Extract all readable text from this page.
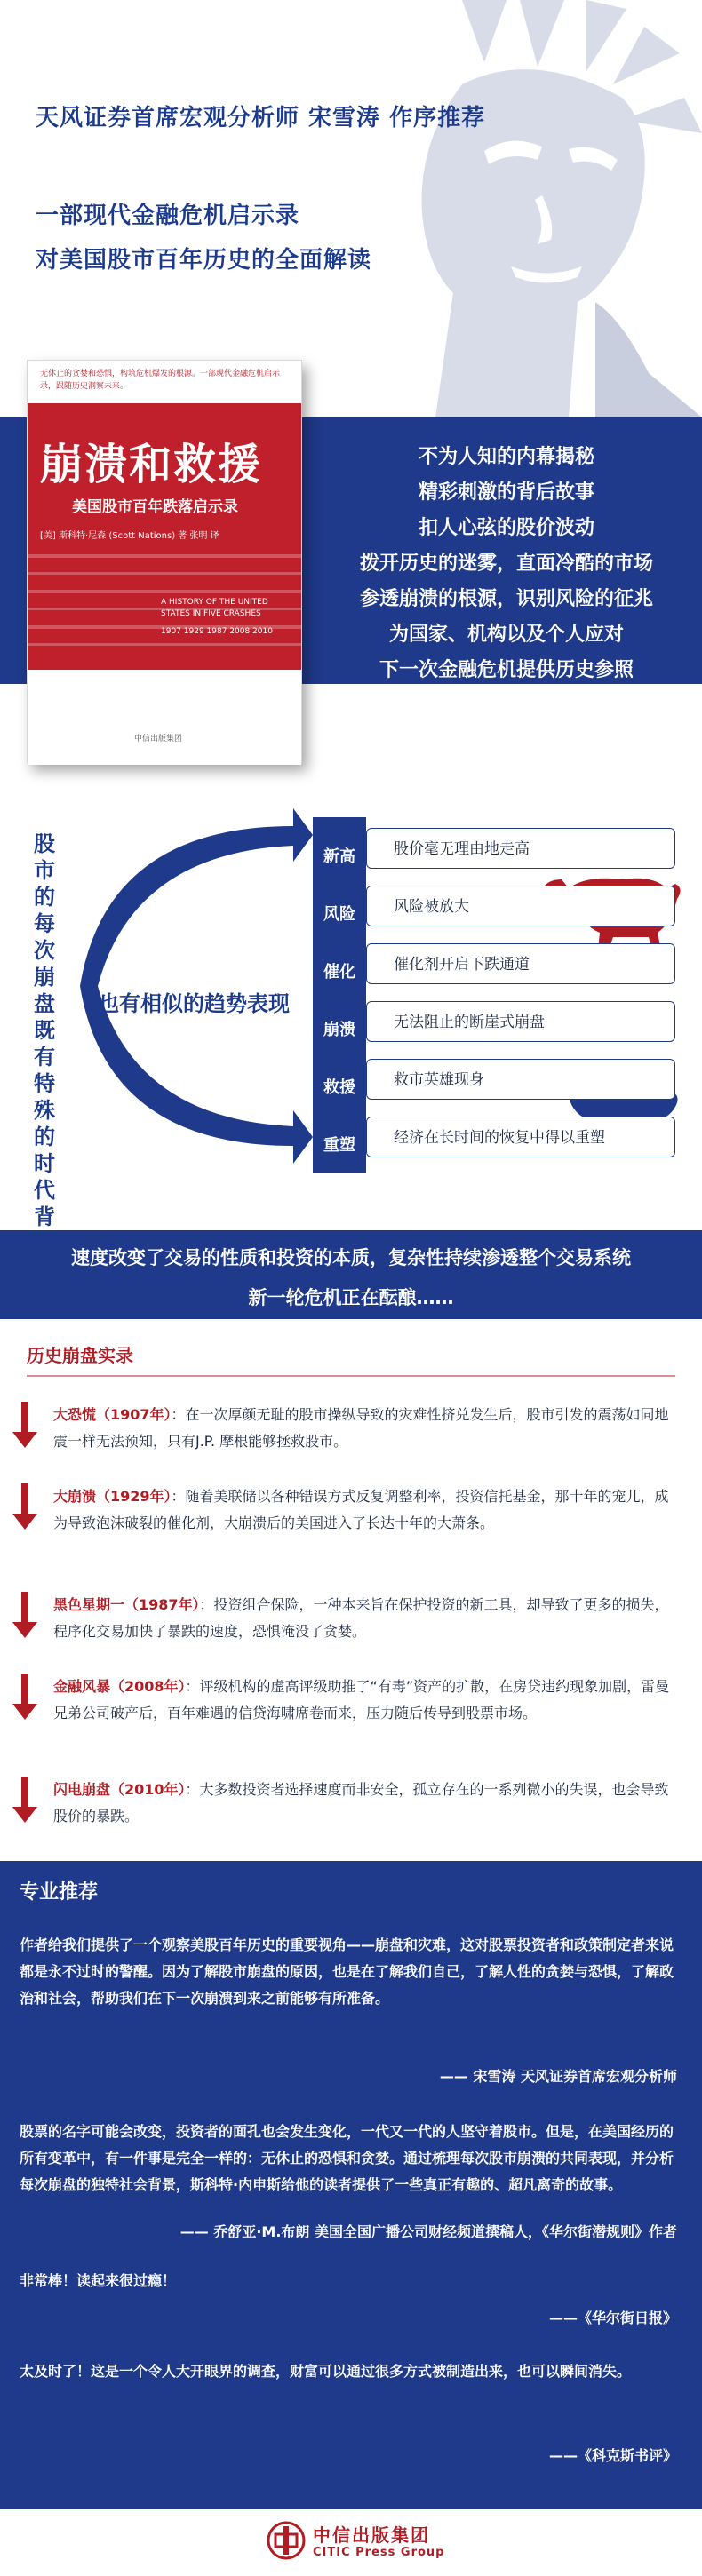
天风证券首席宏观分析师 宋雪涛 作序推荐
一部现代金融危机启示录
对美国股市百年历史的全面解读
无休止的贪婪和恐惧，构筑危机爆发的根源。一部现代金融危机启示录，跟随历史洞察未来。
崩溃和救援
美国股市百年跌落启示录
[美] 斯科特·尼森 (Scott Nations) 著 张明 译
A HISTORY OF THE UNITED STATES IN FIVE CRASHES
1907 1929 1987 2008 2010
中信出版集团
不为人知的内幕揭秘
精彩刺激的背后故事
扣人心弦的股价波动
拨开历史的迷雾，直面冷酷的市场
参透崩溃的根源，识别风险的征兆
为国家、机构以及个人应对
下一次金融危机提供历史参照
股市的每次崩盘既有特殊的时代背
也有相似的趋势表现
新高	股价毫无理由地走高
风险	风险被放大
催化	催化剂开启下跌通道
崩溃	无法阻止的断崖式崩盘
救援	救市英雄现身
重塑	经济在长时间的恢复中得以重塑
速度改变了交易的性质和投资的本质，复杂性持续渗透整个交易系统
新一轮危机正在酝酿……
历史崩盘实录
大恐慌（1907年）：在一次厚颜无耻的股市操纵导致的灾难性挤兑发生后，股市引发的震荡如同地震一样无法预知，只有J.P. 摩根能够拯救股市。
大崩溃（1929年）：随着美联储以各种错误方式反复调整利率，投资信托基金，那十年的宠儿，成为导致泡沫破裂的催化剂，大崩溃后的美国进入了长达十年的大萧条。
黑色星期一（1987年）：投资组合保险，一种本来旨在保护投资的新工具，却导致了更多的损失，程序化交易加快了暴跌的速度，恐惧淹没了贪婪。
金融风暴（2008年）：评级机构的虚高评级助推了“有毒”资产的扩散，在房贷违约现象加剧，雷曼兄弟公司破产后，百年难遇的信贷海啸席卷而来，压力随后传导到股票市场。
闪电崩盘（2010年）：大多数投资者选择速度而非安全，孤立存在的一系列微小的失误，也会导致股价的暴跌。
专业推荐
作者给我们提供了一个观察美股百年历史的重要视角——崩盘和灾难，这对股票投资者和政策制定者来说都是永不过时的警醒。因为了解股市崩盘的原因，也是在了解我们自己，了解人性的贪婪与恐惧，了解政治和社会，帮助我们在下一次崩溃到来之前能够有所准备。
—— 宋雪涛 天风证券首席宏观分析师
股票的名字可能会改变，投资者的面孔也会发生变化，一代又一代的人坚守着股市。但是，在美国经历的所有变革中，有一件事是完全一样的：无休止的恐惧和贪婪。通过梳理每次股市崩溃的共同表现，并分析每次崩盘的独特社会背景，斯科特·内申斯给他的读者提供了一些真正有趣的、超凡离奇的故事。
—— 乔舒亚·M.布朗 美国全国广播公司财经频道撰稿人，《华尔街潜规则》作者
非常棒！读起来很过瘾！
——《华尔街日报》
太及时了！这是一个令人大开眼界的调查，财富可以通过很多方式被制造出来，也可以瞬间消失。
——《科克斯书评》
中信出版集团
CITIC Press Group
